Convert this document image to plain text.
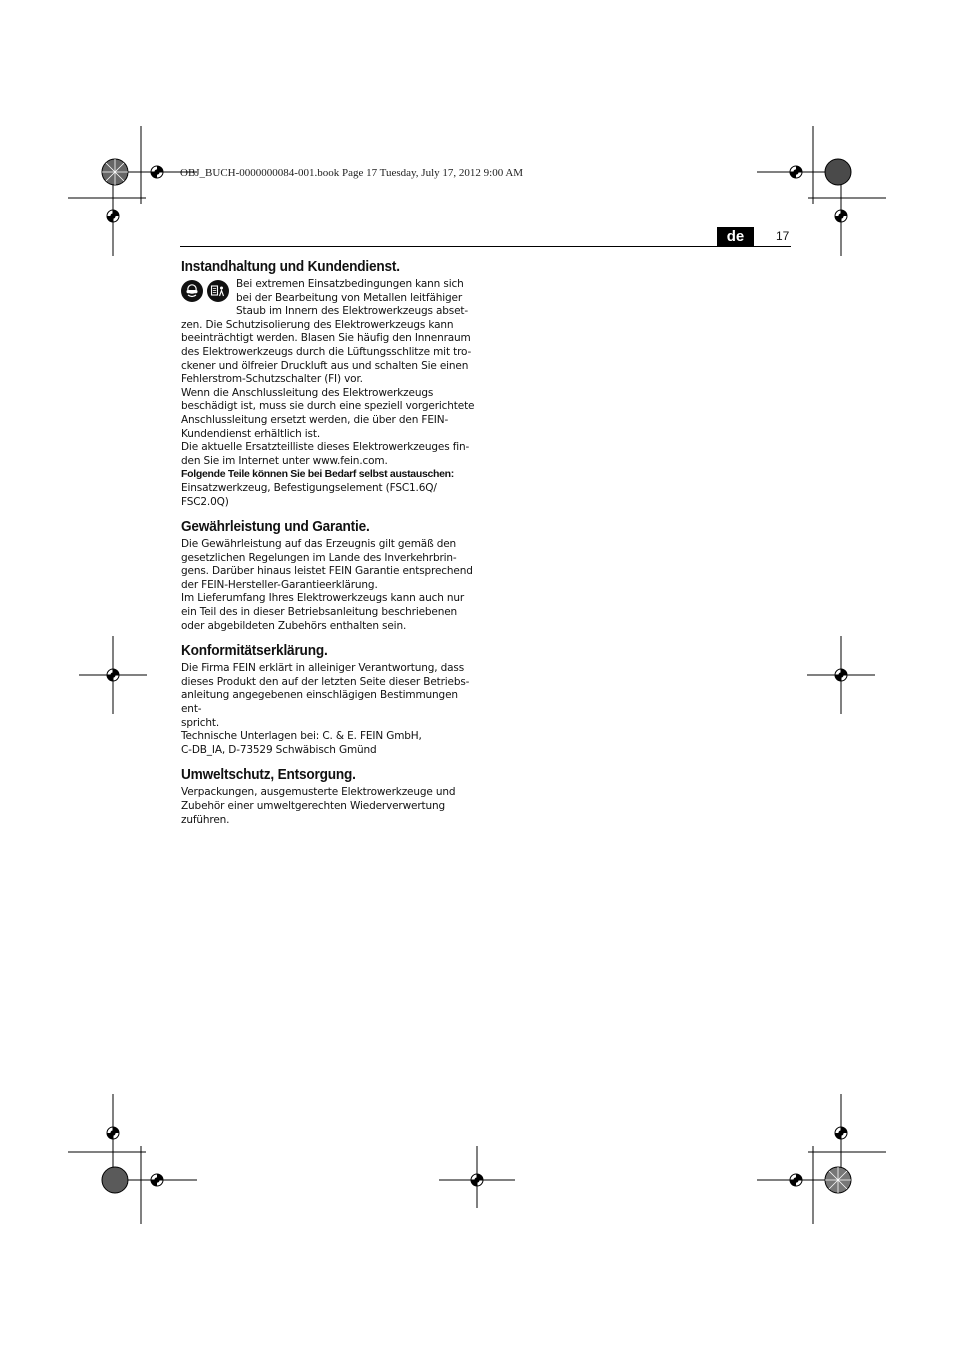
OBJ_BUCH-0000000084-001.book Page 17 Tuesday, July 17, 2012 9:00 AM
de	17
Instandhaltung und Kundendienst.

Bei extremen Einsatzbedingungen kann sich
bei der Bearbeitung von Metallen leitfähiger
Staub im Innern des Elektrowerkzeugs abset-

zen. Die Schutzisolierung des Elektrowerkzeugs kann
beeinträchtigt werden. Blasen Sie häufig den Innenraum
des Elektrowerkzeugs durch die Lüftungsschlitze mit tro-
ckener und ölfreier Druckluft aus und schalten Sie einen
Fehlerstrom-Schutzschalter (FI) vor.

Wenn die Anschlussleitung des Elektrowerkzeugs
beschädigt ist, muss sie durch eine speziell vorgerichtete
Anschlussleitung ersetzt werden, die über den FEIN-
Kundendienst erhältlich ist.

Die aktuelle Ersatzteilliste dieses Elektrowerkzeuges fin-
den Sie im Internet unter www.fein.com.

Folgende Teile können Sie bei Bedarf selbst austauschen:

Einsatzwerkzeug, Befestigungselement (FSC1.6Q/
FSC2.0Q)

Gewährleistung und Garantie.

Die Gewährleistung auf das Erzeugnis gilt gemäß den
gesetzlichen Regelungen im Lande des Inverkehrbrin-
gens. Darüber hinaus leistet FEIN Garantie entsprechend
der FEIN-Hersteller-Garantieerklärung.

Im Lieferumfang Ihres Elektrowerkzeugs kann auch nur
ein Teil des in dieser Betriebsanleitung beschriebenen
oder abgebildeten Zubehörs enthalten sein.

Konformitätserklärung.

Die Firma FEIN erklärt in alleiniger Verantwortung, dass
dieses Produkt den auf der letzten Seite dieser Betriebs-
anleitung angegebenen einschlägigen Bestimmungen ent-
spricht.

Technische Unterlagen bei: C. & E. FEIN GmbH,
C-DB_IA, D-73529 Schwäbisch Gmünd

Umweltschutz, Entsorgung.

Verpackungen, ausgemusterte Elektrowerkzeuge und
Zubehör einer umweltgerechten Wiederverwertung
zuführen.
